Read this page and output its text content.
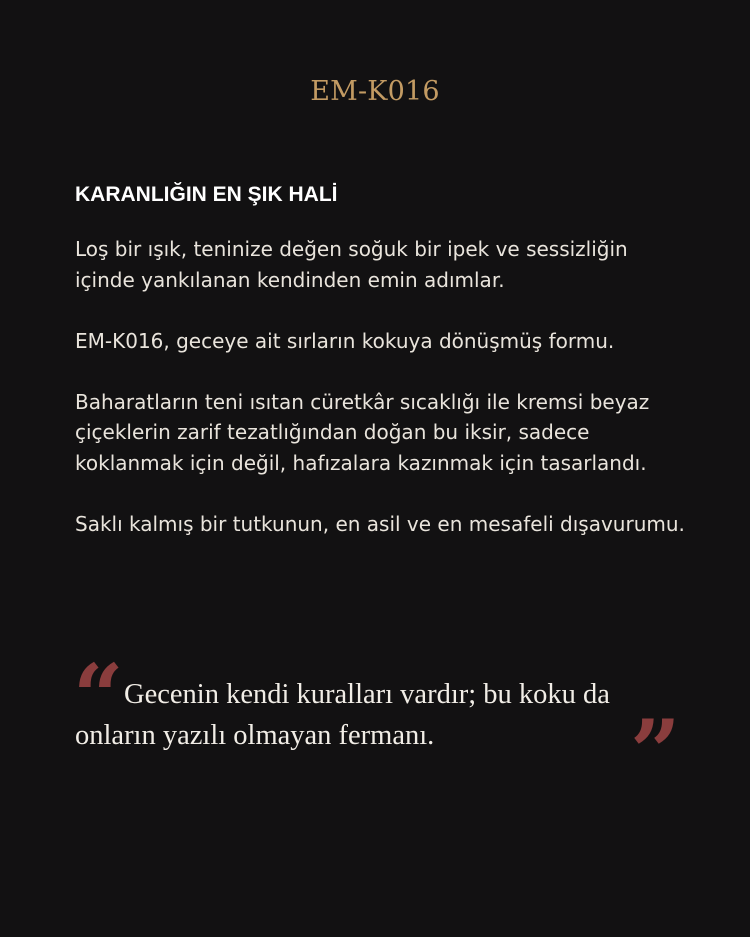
EM-K016
KARANLIĞIN EN ŞIK HALİ

Loş bir ışık, teninize değen soğuk bir ipek ve sessizliğin içinde yankılanan kendinden emin adımlar.

EM-K016, geceye ait sırların kokuya dönüşmüş formu.

Baharatların teni ısıtan cüretkâr sıcaklığı ile kremsi beyaz çiçeklerin zarif tezatlığından doğan bu iksir, sadece koklanmak için değil, hafızalara kazınmak için tasarlandı.

Saklı kalmış bir tutkunun, en asil ve en mesafeli dışavurumu.

“ Gecenin kendi kuralları vardır; bu koku da onların yazılı olmayan fermanı.	”
